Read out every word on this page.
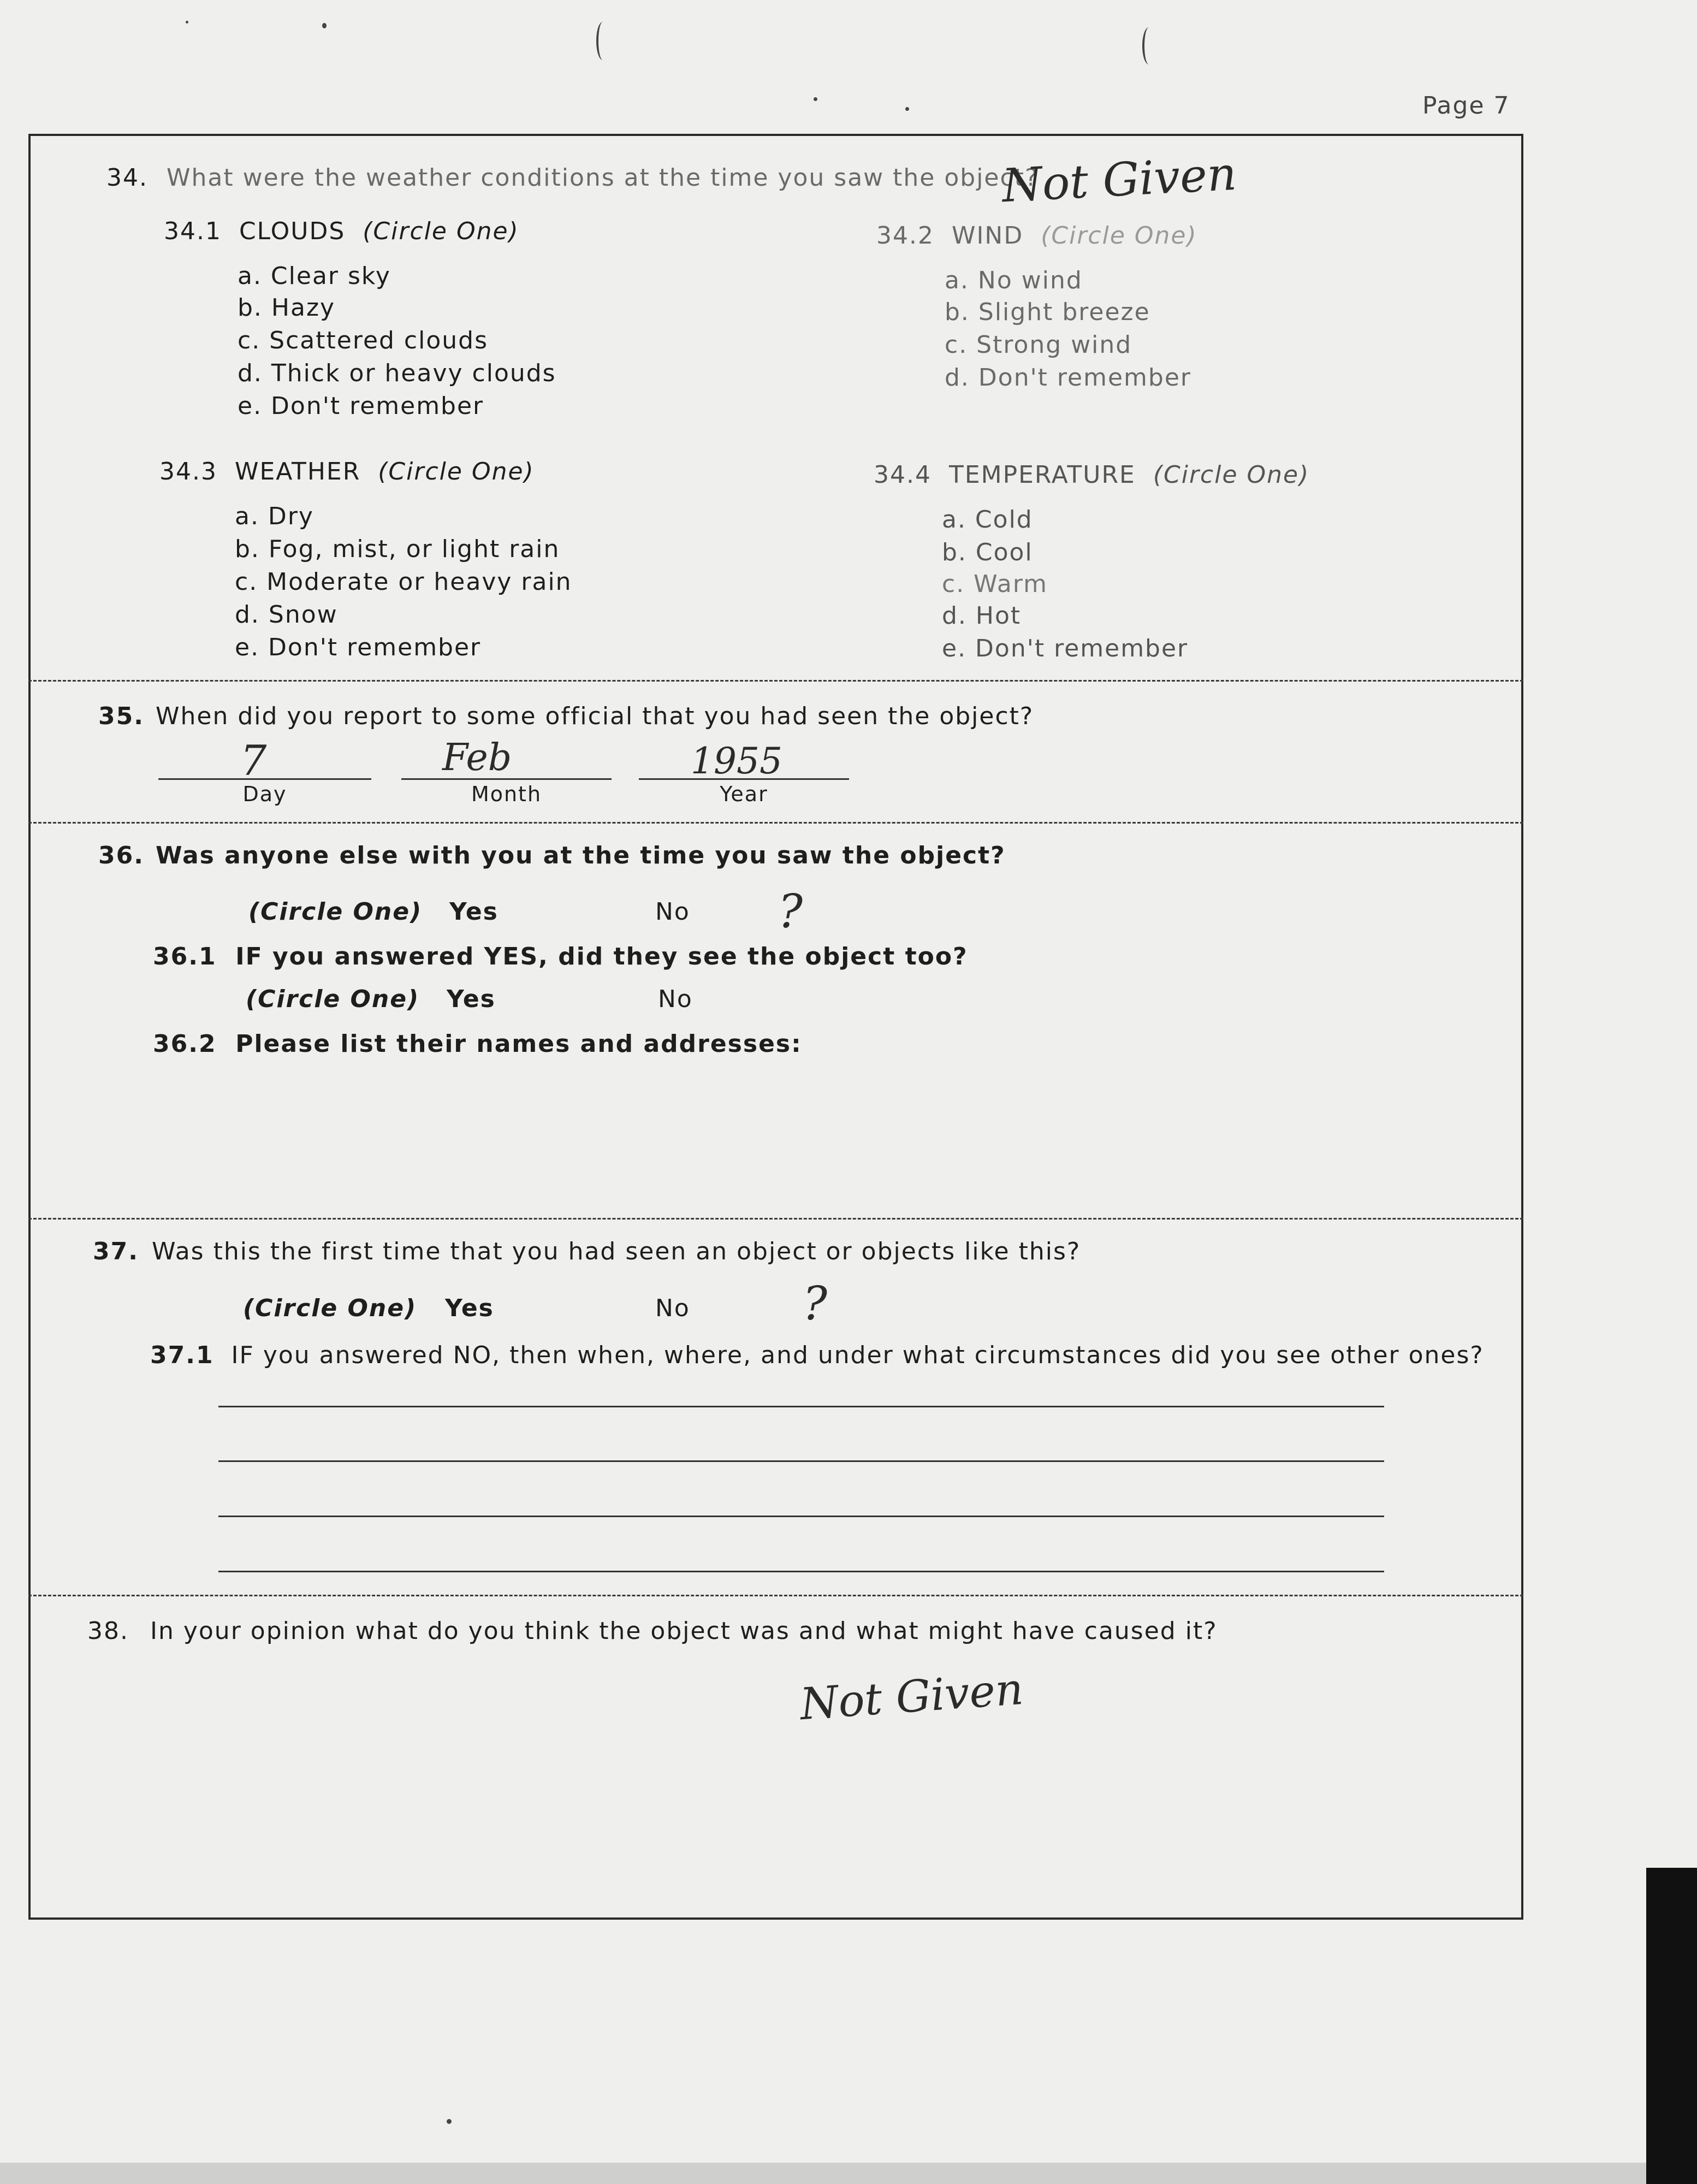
Page 7
34. What were the weather conditions at the time you saw the object?
Not Given
34.1 CLOUDS (Circle One)
a. Clear sky
b. Hazy
c. Scattered clouds
d. Thick or heavy clouds
e. Don't remember
34.2 WIND (Circle One)
a. No wind
b. Slight breeze
c. Strong wind
d. Don't remember
34.3 WEATHER (Circle One)
a. Dry
b. Fog, mist, or light rain
c. Moderate or heavy rain
d. Snow
e. Don't remember
34.4 TEMPERATURE (Circle One)
a. Cold
b. Cool
c. Warm
d. Hot
e. Don't remember
35. When did you report to some official that you had seen the object?
7
Day
Feb
Month
1955
Year
36. Was anyone else with you at the time you saw the object?
(Circle One) Yes	No ?
36.1 IF you answered YES, did they see the object too?
(Circle One) Yes	No
36.2 Please list their names and addresses:
37. Was this the first time that you had seen an object or objects like this?
(Circle One) Yes	No ?
37.1 IF you answered NO, then when, where, and under what circumstances did you see other ones?
38. In your opinion what do you think the object was and what might have caused it?
Not Given
